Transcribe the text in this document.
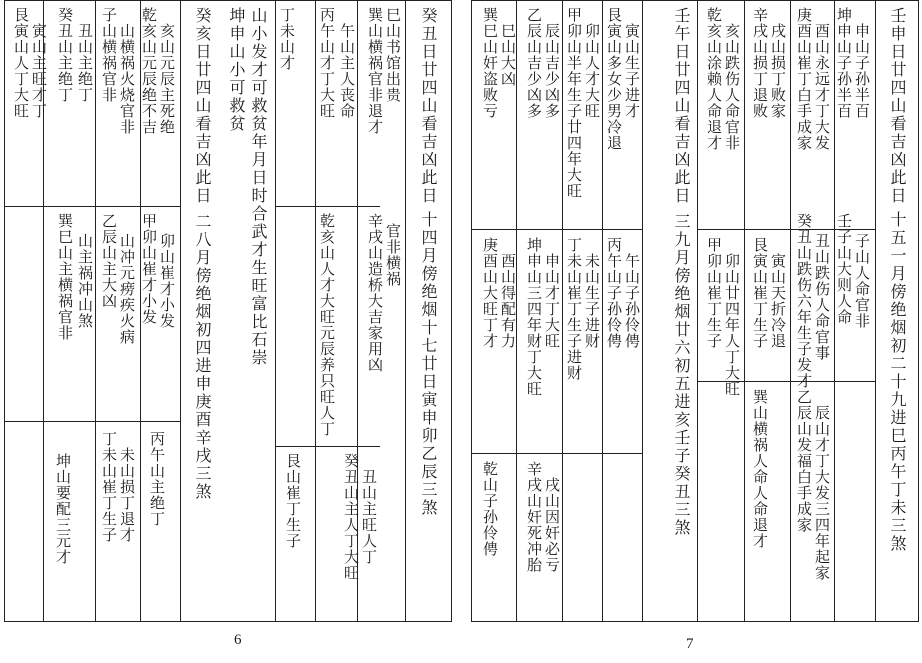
癸丑日廿四山看吉凶此日
十四月傍绝烟十七廿日寅申卯乙辰三煞
巽山横祸官非退才
辛戌山造桥大吉家用凶
巳山书馆出贵
官非横祸
丙午山才丁大旺
乾亥山人才大旺元辰养只旺人丁
午山主人丧命
丁未山才
坤申山小可救贫 山小发才可救贫年月日时合武才生旺富比石崇
癸亥日廿四山看吉凶此日
二八月傍绝烟初四进申庚酉辛戌三煞
乾亥山元辰绝不吉
甲卯山崔才小发
亥山元辰主死绝
卯山崔才小发
子山横祸官非
乙辰山主大凶
山横祸火烧官非
山冲元痨疾火病
癸丑山主绝丁
巽巳山主横祸官非
丑山主绝丁
山主祸冲山煞
艮寅山人丁大旺 寅山主旺才丁
艮山崔丁生子	癸丑山主人丁大旺 丑山主旺人丁
丙午山主绝丁
丁未山崔丁生子 未山损丁退才
坤山要配三元才
6
壬申日廿四山看吉凶此日
十五一月傍绝烟初二十九进巳丙午丁未三煞
坤申山子孙半百
壬子山大则人命
申山子孙半百
子山人命官非
庚酉山崔丁白手成家
癸丑山跌伤六年生子发才
酉山永远才丁大发
丑山跌伤人命官事
辛戌山损丁退败
艮寅山崔丁生子
戌山损丁败家
寅山天折冷退
乾亥山涂赖人命退才
甲卯山崔丁生子
亥山跌伤人命官非
卯山廿四年人丁大旺
壬午日廿四山看吉凶此日
三九月傍绝烟廿六初五进亥壬子癸丑三煞
艮寅山多女少男冷退
丙午山子孙伶俜
寅山生子进才
午山子孙伶俜
甲卯山半年生子廿四年大旺
丁未山崔丁生子进财
卯山人才大旺
未山生子进财
乙辰山吉少凶多
坤申山三四年财丁大旺
辰山吉少凶多
申山才丁大旺
巽巳山奸盗败亏
庚酉山大旺丁才
巳山大凶
酉山得配有力
乙辰山发福白手成家 辰山才丁大发三四年起家
巽山横祸人命人命退才
辛戌山奸死冲胎 戌山因奸必亏
乾山子孙伶俜
7
